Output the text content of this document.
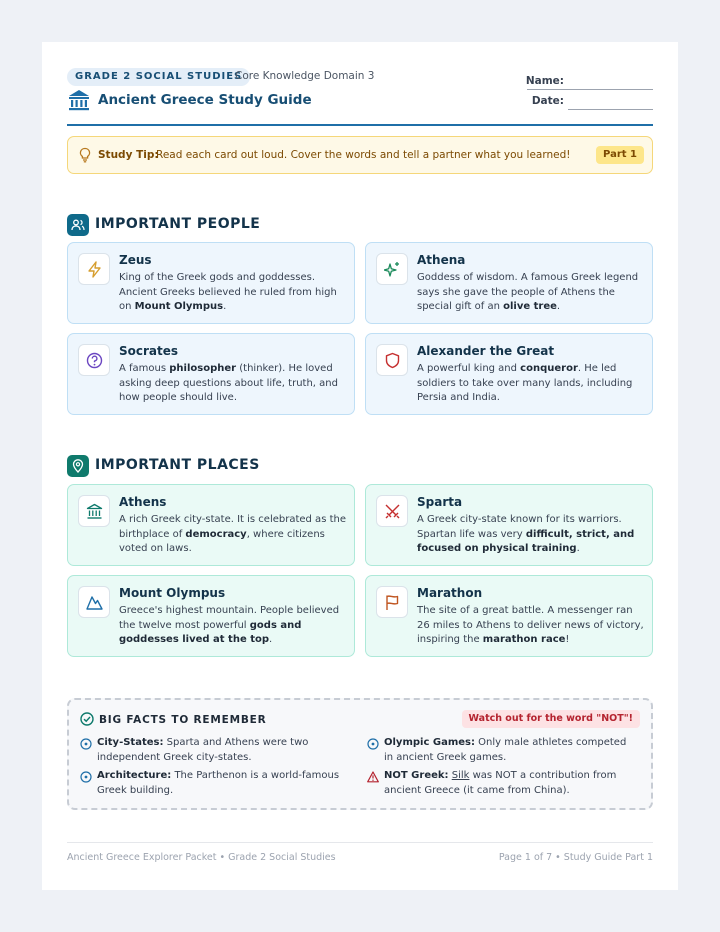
GRADE 2 SOCIAL STUDIES
Core Knowledge Domain 3
Ancient Greece Study Guide
Name:
Date:
Study Tip:
Read each card out loud. Cover the words and tell a partner what you learned!	Part 1
IMPORTANT PEOPLE
Zeus
King of the Greek gods and goddesses. Ancient Greeks believed he ruled from high on Mount Olympus.
Athena
Goddess of wisdom. A famous Greek legend says she gave the people of Athens the special gift of an olive tree.
Socrates
A famous philosopher (thinker). He loved asking deep questions about life, truth, and how people should live.
Alexander the Great
A powerful king and conqueror. He led soldiers to take over many lands, including Persia and India.
IMPORTANT PLACES
Athens
A rich Greek city-state. It is celebrated as the birthplace of democracy, where citizens voted on laws.
Sparta
A Greek city-state known for its warriors. Spartan life was very difficult, strict, and focused on physical training.
Mount Olympus
Greece's highest mountain. People believed the twelve most powerful gods and goddesses lived at the top.
Marathon
The site of a great battle. A messenger ran 26 miles to Athens to deliver news of victory, inspiring the marathon race!
BIG FACTS TO REMEMBER	Watch out for the word "NOT"!
City-States: Sparta and Athens were two independent Greek city-states.
Olympic Games: Only male athletes competed in ancient Greek games.
Architecture: The Parthenon is a world-famous Greek building.
NOT Greek: Silk was NOT a contribution from ancient Greece (it came from China).
Ancient Greece Explorer Packet • Grade 2 Social Studies	Page 1 of 7 • Study Guide Part 1
